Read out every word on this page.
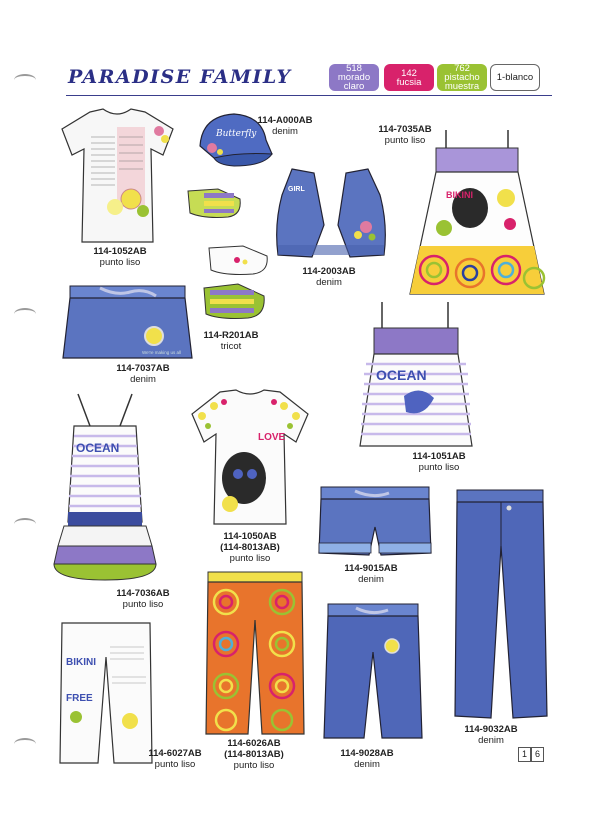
PARADISE FAMILY	518
morado
claro
142
fucsia
762
pistacho
muestra
1-blanco
Butterfly
GIRL
BIKINI
We're making us all
OCEAN
OCEAN
LOVE
BIKINI
FREE
114-1052AB
punto liso
114-A000AB
denim	114-7035AB
punto liso
114-2003AB
denim
114-R201AB
tricot
114-7037AB
denim
114-1051AB
punto liso
114-7036AB
punto liso
114-1050AB
(114-8013AB)
punto liso
114-9015AB
denim
114-9032AB
denim
114-6027AB
punto liso
114-6026AB
(114-8013AB)
punto liso
114-9028AB
denim
1 6
